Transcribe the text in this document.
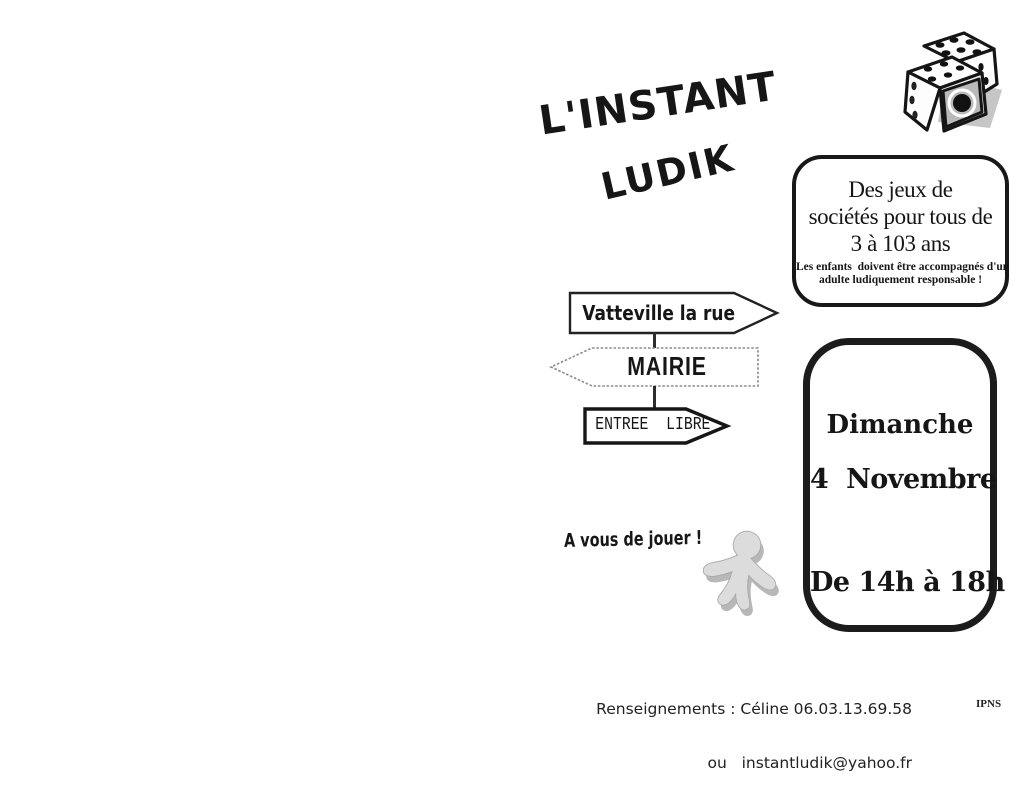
L'INSTANT
LUDIK	Des jeux de
sociétés pour tous de
3 à 103 ans
Les enfants  doivent être accompagnés d'un
adulte ludiquement responsable !
Vatteville la rue
MAIRIE
ENTREE  LIBRE
A vous de jouer !
Dimanche
4  Novembre
De 14h à 18h

Renseignements : Céline 06.03.13.69.58

ou   instantludik@yahoo.fr

IPNS
